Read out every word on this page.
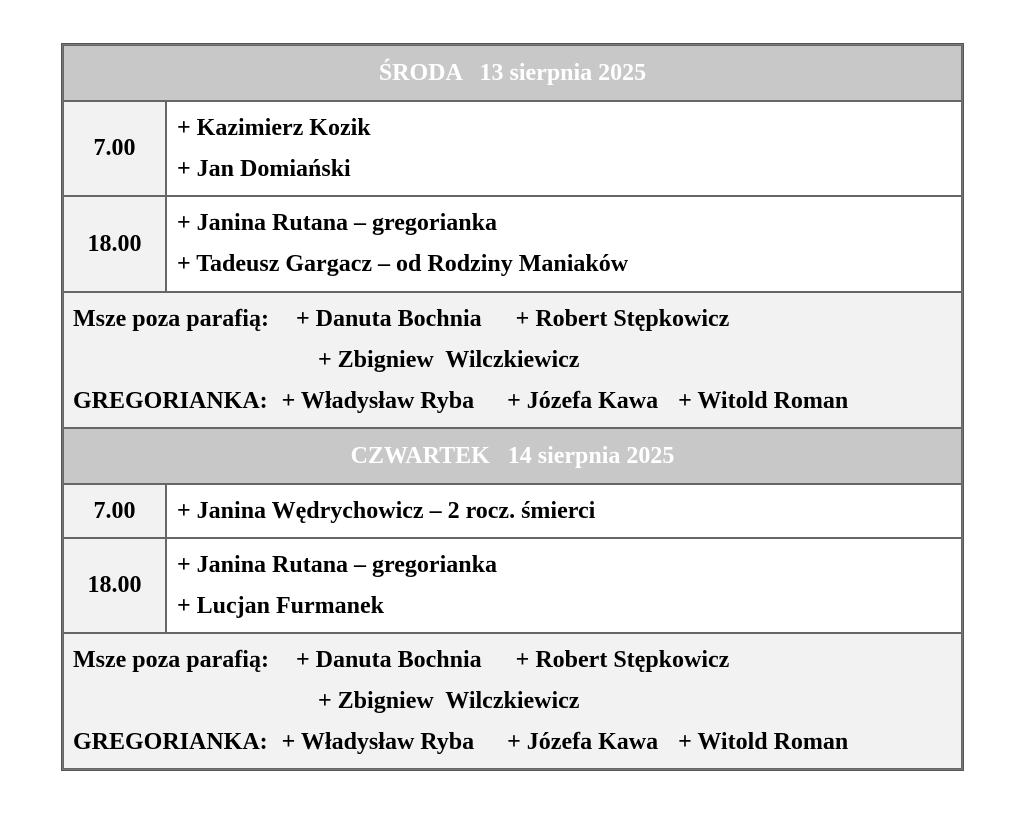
ŚRODA   13 sierpnia 2025	
7.00	+ Kazimierz Kozik
+ Jan Domiański

18.00	+ Janina Rutana – gregorianka
+ Tadeusz Gargacz – od Rodziny Maniaków

Msze poza parafią: + Danuta Bochnia + Robert Stępkowicz
+ Zbigniew  Wilczkiewicz
GREGORIANKA: + Władysław Ryba + Józefa Kawa + Witold Roman	

CZWARTEK   14 sierpnia 2025	
7.00	+ Janina Wędrychowicz – 2 rocz. śmierci

18.00	+ Janina Rutana – gregorianka
+ Lucjan Furmanek

Msze poza parafią: + Danuta Bochnia + Robert Stępkowicz
+ Zbigniew  Wilczkiewicz
GREGORIANKA: + Władysław Ryba + Józefa Kawa + Witold Roman	
